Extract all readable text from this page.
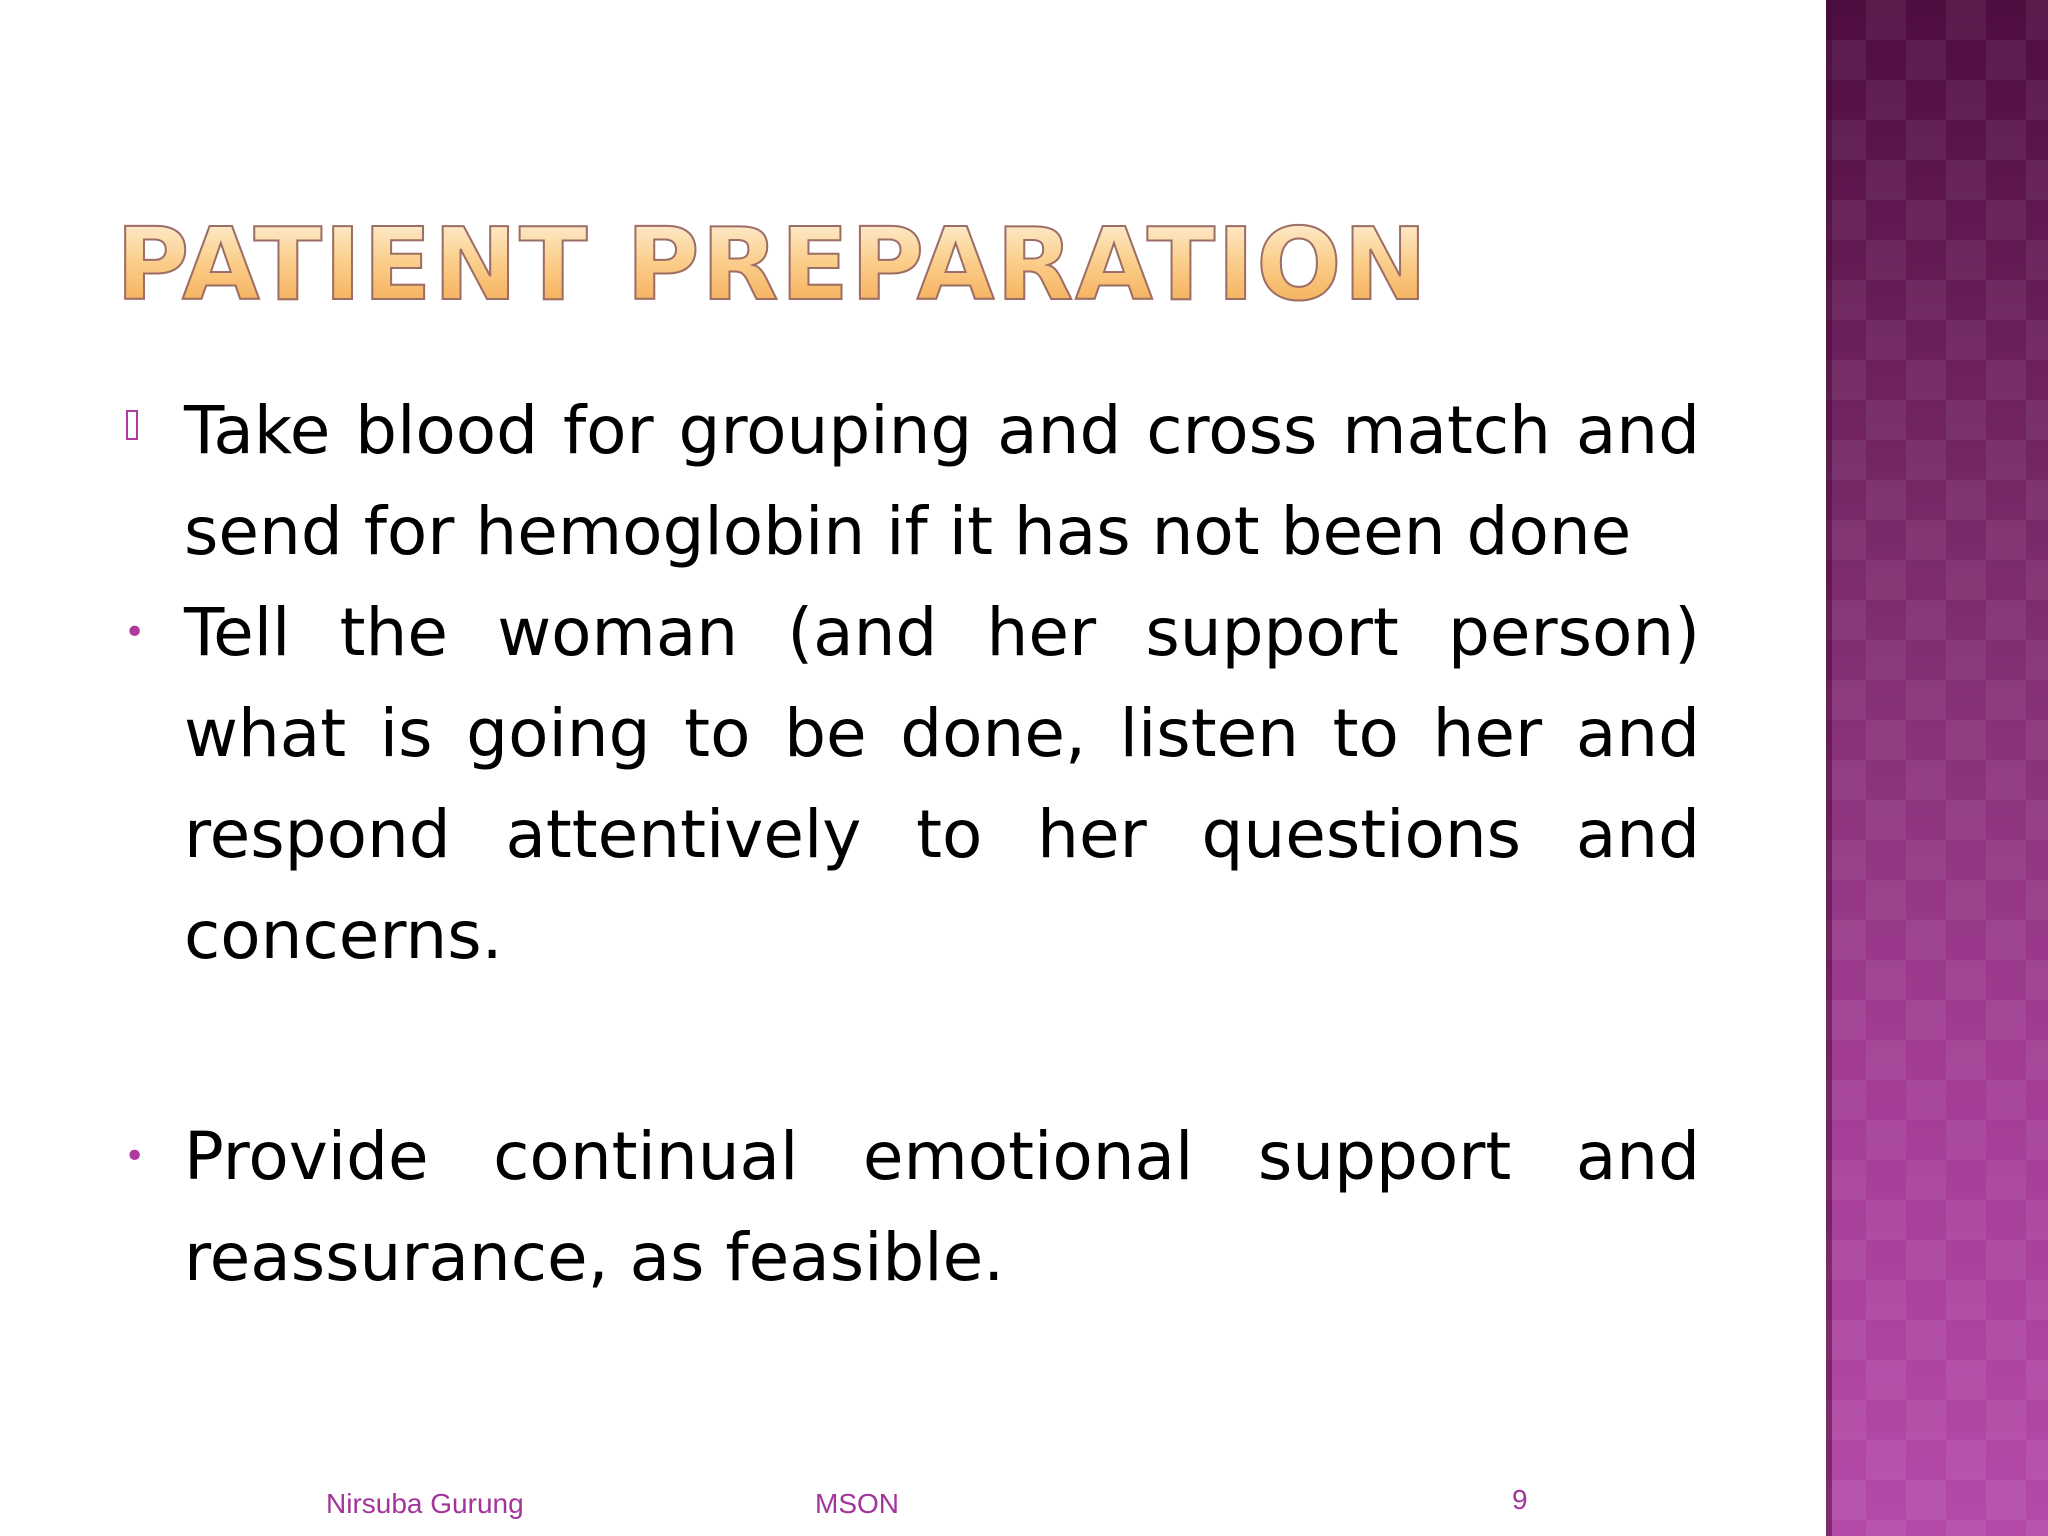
PATIENT PREPARATION
Take blood for grouping and cross match and send for hemoglobin if it has not been done
• Tell the woman (and her support person) what is going to be done, listen to her and respond attentively to her questions and concerns.
• Provide continual emotional support and reassurance, as feasible.
Nirsuba Gurung	MSON	9
